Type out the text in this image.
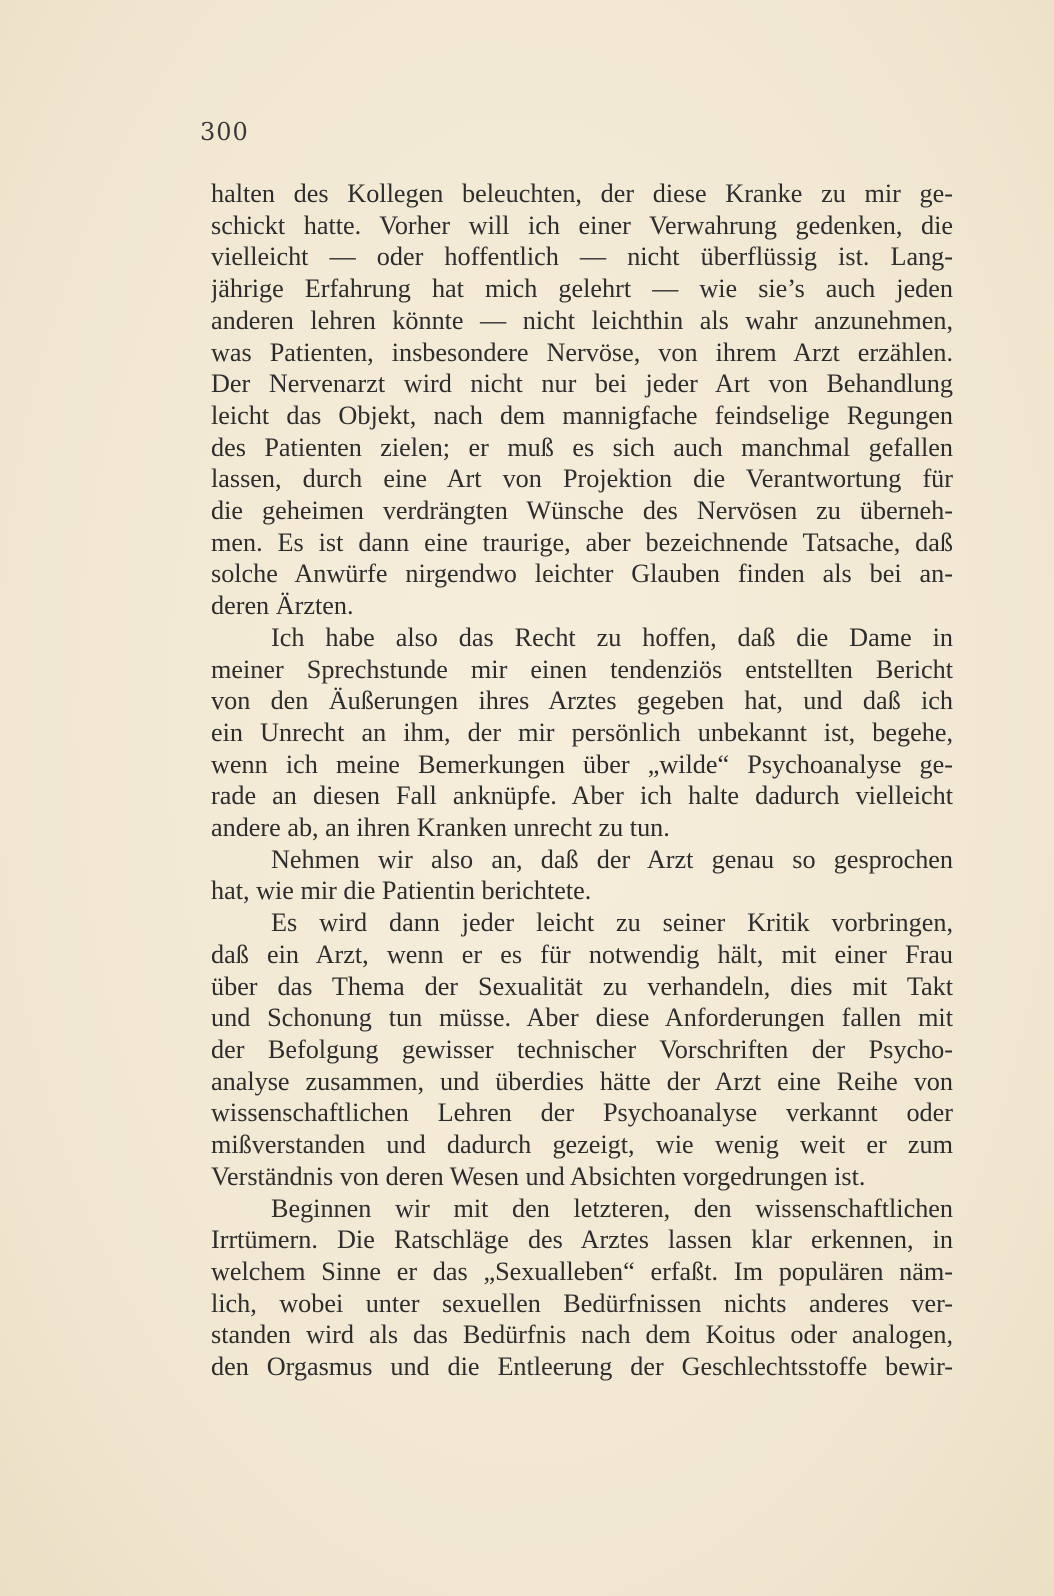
300
halten des Kollegen beleuchten, der diese Kranke zu mir ge-
schickt hatte. Vorher will ich einer Verwahrung gedenken, die
vielleicht — oder hoffentlich — nicht überflüssig ist. Lang-
jährige Erfahrung hat mich gelehrt — wie sie’s auch jeden
anderen lehren könnte — nicht leichthin als wahr anzunehmen,
was Patienten, insbesondere Nervöse, von ihrem Arzt erzählen.
Der Nervenarzt wird nicht nur bei jeder Art von Behandlung
leicht das Objekt, nach dem mannigfache feindselige Regungen
des Patienten zielen; er muß es sich auch manchmal gefallen
lassen, durch eine Art von Projektion die Verantwortung für
die geheimen verdrängten Wünsche des Nervösen zu überneh-
men. Es ist dann eine traurige, aber bezeichnende Tatsache, daß
solche Anwürfe nirgendwo leichter Glauben finden als bei an-
deren Ärzten.
Ich habe also das Recht zu hoffen, daß die Dame in
meiner Sprechstunde mir einen tendenziös entstellten Bericht
von den Äußerungen ihres Arztes gegeben hat, und daß ich
ein Unrecht an ihm, der mir persönlich unbekannt ist, begehe,
wenn ich meine Bemerkungen über „wilde“ Psychoanalyse ge-
rade an diesen Fall anknüpfe. Aber ich halte dadurch vielleicht
andere ab, an ihren Kranken unrecht zu tun.
Nehmen wir also an, daß der Arzt genau so gesprochen
hat, wie mir die Patientin berichtete.
Es wird dann jeder leicht zu seiner Kritik vorbringen,
daß ein Arzt, wenn er es für notwendig hält, mit einer Frau
über das Thema der Sexualität zu verhandeln, dies mit Takt
und Schonung tun müsse. Aber diese Anforderungen fallen mit
der Befolgung gewisser technischer Vorschriften der Psycho-
analyse zusammen, und überdies hätte der Arzt eine Reihe von
wissenschaftlichen Lehren der Psychoanalyse verkannt oder
mißverstanden und dadurch gezeigt, wie wenig weit er zum
Verständnis von deren Wesen und Absichten vorgedrungen ist.
Beginnen wir mit den letzteren, den wissenschaftlichen
Irrtümern. Die Ratschläge des Arztes lassen klar erkennen, in
welchem Sinne er das „Sexualleben“ erfaßt. Im populären näm-
lich, wobei unter sexuellen Bedürfnissen nichts anderes ver-
standen wird als das Bedürfnis nach dem Koitus oder analogen,
den Orgasmus und die Entleerung der Geschlechtsstoffe bewir-
